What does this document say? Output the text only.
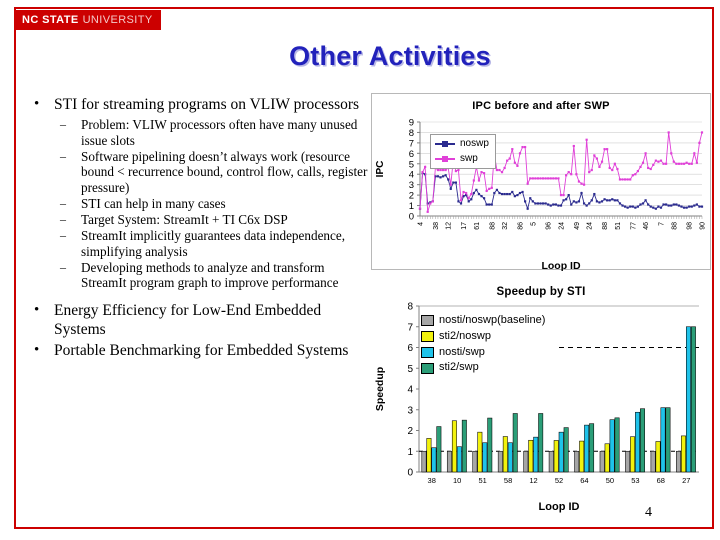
NC STATE UNIVERSITY
Other Activities
• STI for streaming programs on VLIW processors
– Problem: VLIW processors often have many unused issue slots
– Software pipelining doesn’t always work (resource bound < recurrence bound, control flow, calls, register pressure)
– STI can help in many cases
– Target System: StreamIt + TI C6x DSP
– StreamIt implicitly guarantees data independence, simplifying analysis
– Developing methods to analyze and transform StreamIt program graph to improve performance
• Energy Efficiency for Low-End Embedded Systems
• Portable Benchmarking for Embedded Systems
IPC before and after SWP
0
1
2
3
4
5
6
7
8
9
IPC
4 38 12 17 61 88 32 86 5 96 24 49 24 88 51 77 46 7 88 98 90
Loop ID
noswp
swp
Speedup by STI
0
1
2
3
4
5
6
7
8
38 10 51 58 12 52 64 50 53 68 27
Speedup
Loop ID
nosti/noswp(baseline)
sti2/noswp
nosti/swp
sti2/swp
4
